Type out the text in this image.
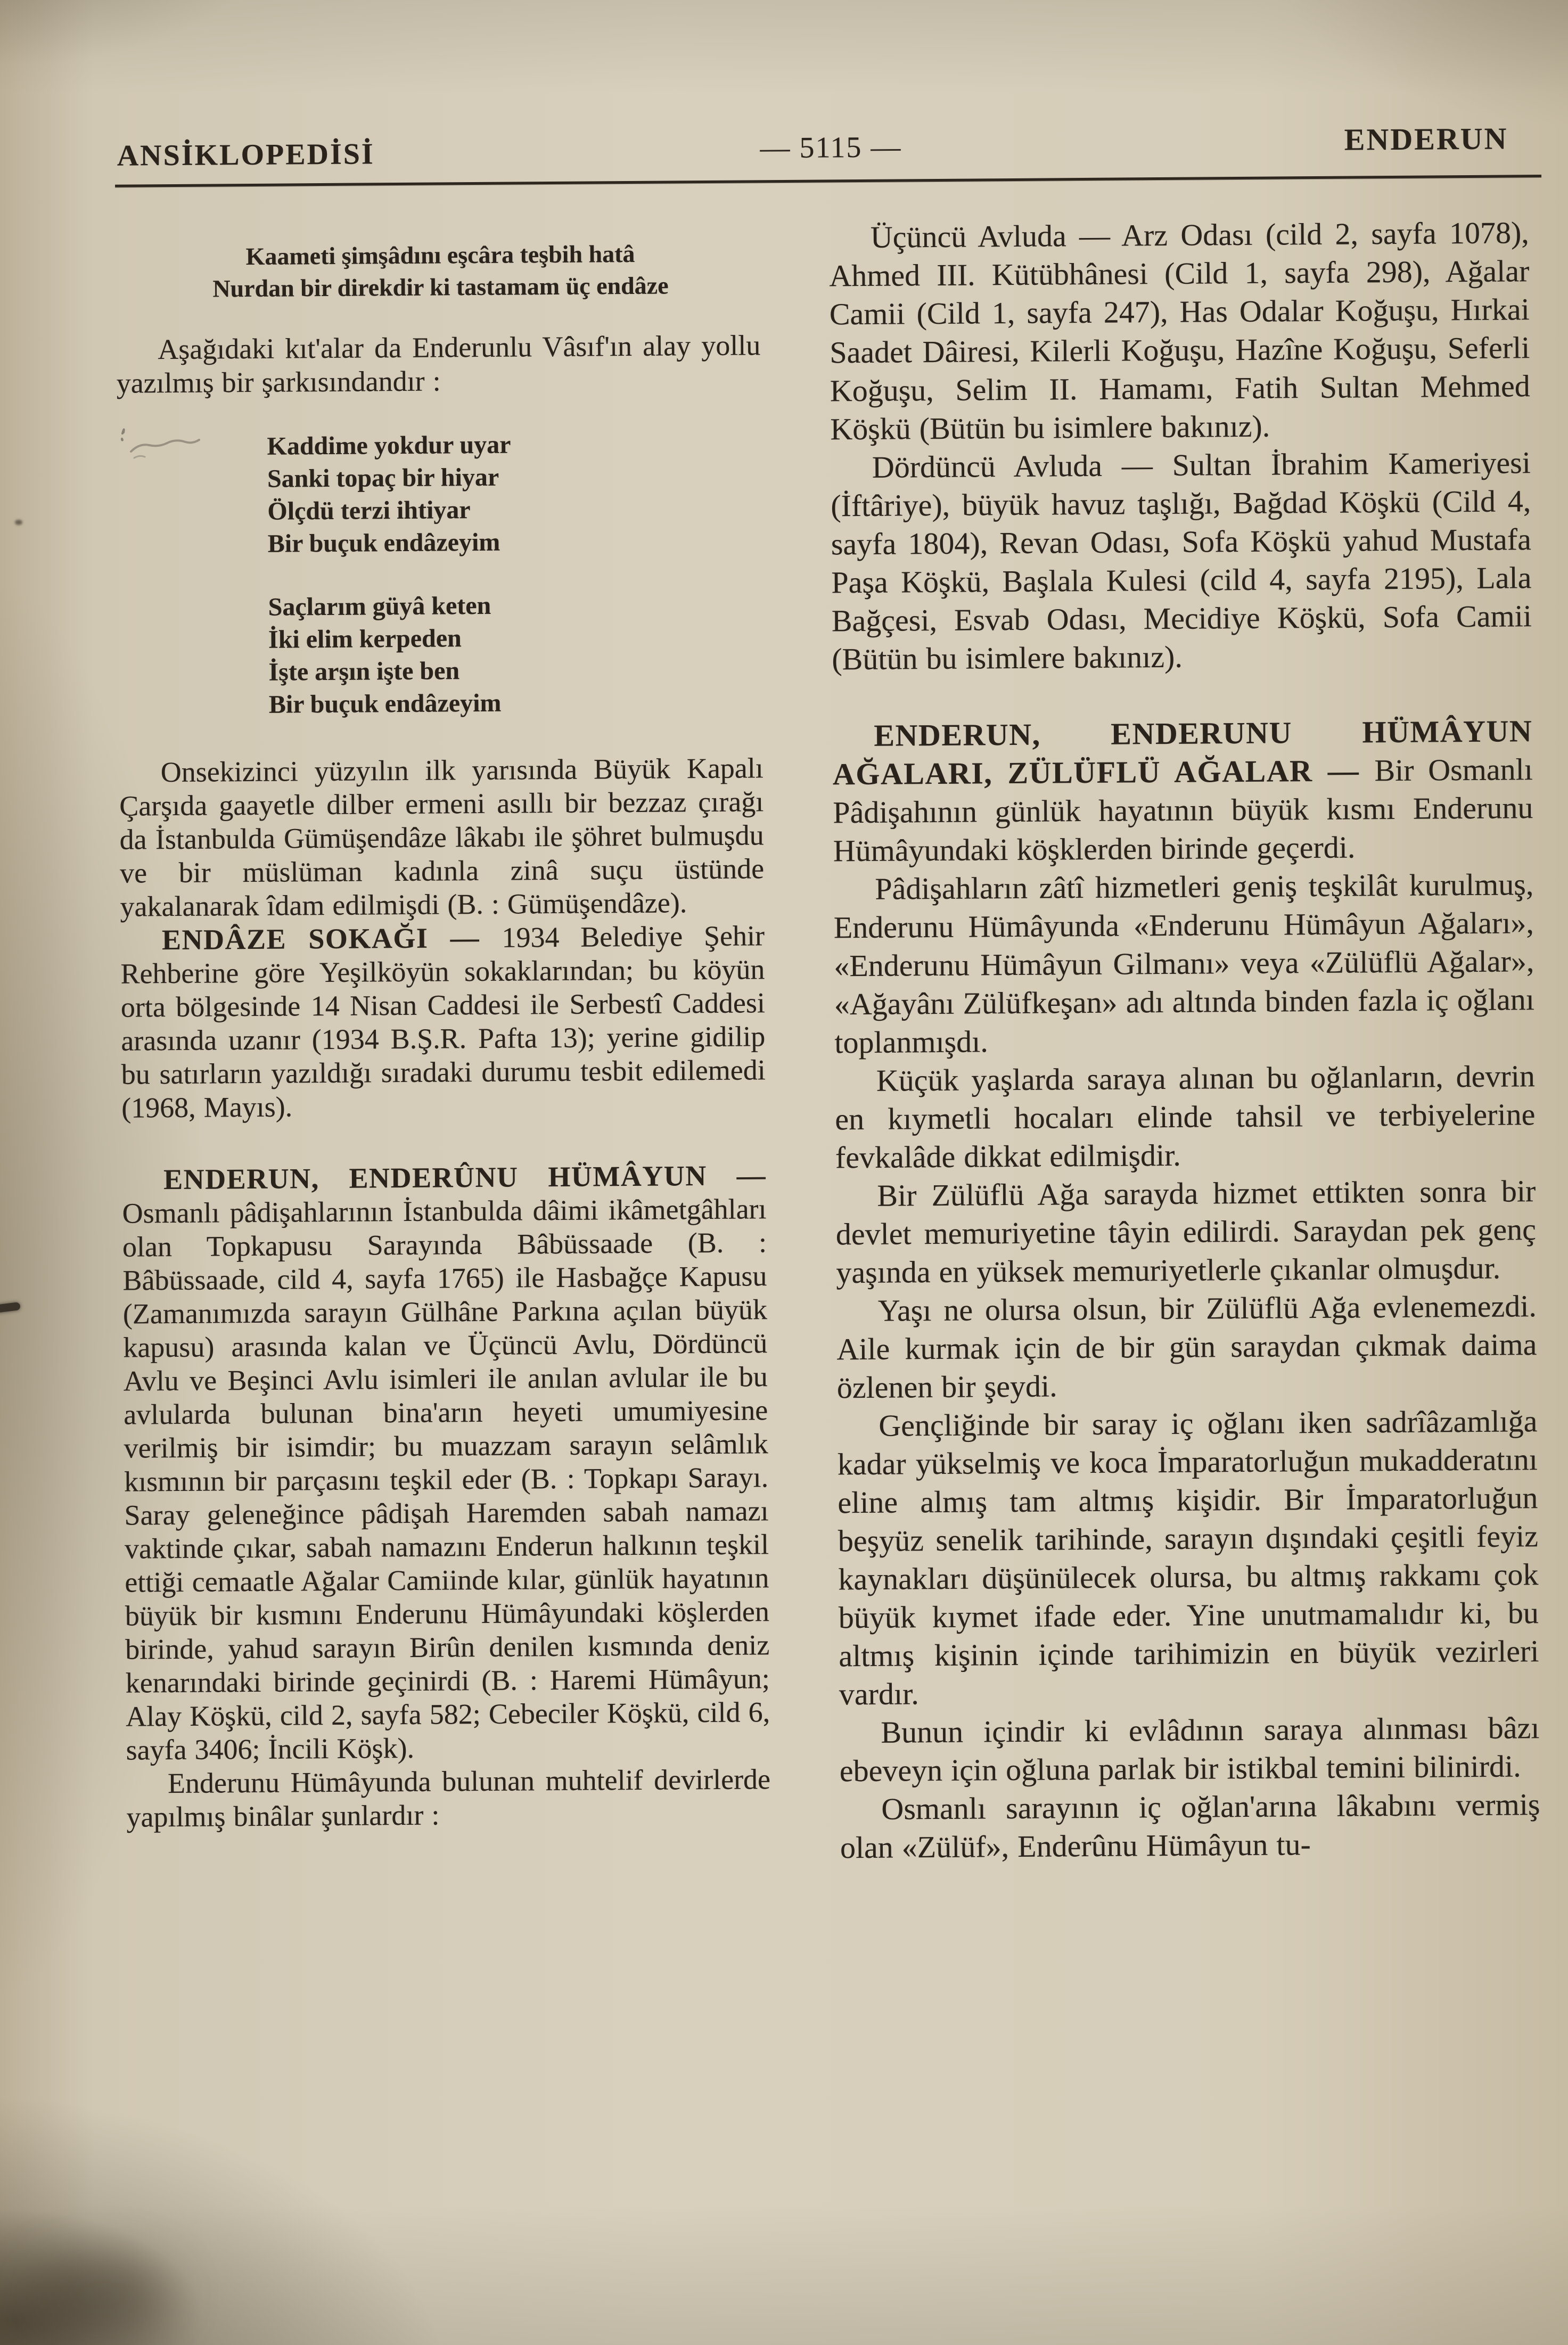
ANSİKLOPEDİSİ	— 5115 —	ENDERUN
Kaameti şimşâdını eşcâra teşbih hatâ
Nurdan bir direkdir ki tastamam üç endâze

Aşağıdaki kıt'alar da Enderunlu Vâsıf'ın alay yollu yazılmış bir şarkısındandır :

Kaddime yokdur uyar
Sanki topaç bir hiyar
Ölçdü terzi ihtiyar
Bir buçuk endâzeyim
Saçlarım güyâ keten
İki elim kerpeden
İşte arşın işte ben
Bir buçuk endâzeyim

Onsekizinci yüzyılın ilk yarısında Büyük Kapalı Çarşıda gaayetle dilber ermeni asıllı bir bezzaz çırağı da İstanbulda Gümüşendâze lâkabı ile şöhret bulmuşdu ve bir müslüman kadınla zinâ suçu üstünde yakalanarak îdam edilmişdi (B. : Gümüşendâze).

ENDÂZE SOKAĞI — 1934 Belediye Şehir Rehberine göre Yeşilköyün sokaklarından; bu köyün orta bölgesinde 14 Nisan Caddesi ile Serbestî Caddesi arasında uzanır (1934 B.Ş.R. Pafta 13); yerine gidilip bu satırların yazıldığı sıradaki durumu tesbit edilemedi (1968, Mayıs).

ENDERUN, ENDERÛNU HÜMÂYUN — Osmanlı pâdişahlarının İstanbulda dâimi ikâmetgâhları olan Topkapusu Sarayında Bâbüssaade (B. : Bâbüssaade, cild 4, sayfa 1765) ile Hasbağçe Kapusu (Zamanımızda sarayın Gülhâne Parkına açılan büyük kapusu) arasında kalan ve Üçüncü Avlu, Dördüncü Avlu ve Beşinci Avlu isimleri ile anılan avlular ile bu avlularda bulunan bina'arın heyeti umumiyesine verilmiş bir isimdir; bu muazzam sarayın selâmlık kısmının bir parçasını teşkil eder (B. : Topkapı Sarayı. Saray geleneğince pâdişah Haremden sabah namazı vaktinde çıkar, sabah namazını Enderun halkının teşkil ettiği cemaatle Ağalar Camiinde kılar, günlük hayatının büyük bir kısmını Enderunu Hümâyundaki köşlerden birinde, yahud sarayın Birûn denilen kısmında deniz kenarındaki birinde geçinirdi (B. : Haremi Hümâyun; Alay Köşkü, cild 2, sayfa 582; Cebeciler Köşkü, cild 6, sayfa 3406; İncili Köşk).

Enderunu Hümâyunda bulunan muhtelif devirlerde yapılmış binâlar şunlardır :

Üçüncü Avluda — Arz Odası (cild 2, sayfa 1078), Ahmed III. Kütübhânesi (Cild 1, sayfa 298), Ağalar Camii (Cild 1, sayfa 247), Has Odalar Koğuşu, Hırkai Saadet Dâiresi, Kilerli Koğuşu, Hazîne Koğuşu, Seferli Koğuşu, Selim II. Hamamı, Fatih Sultan Mehmed Köşkü (Bütün bu isimlere bakınız).

Dördüncü Avluda — Sultan İbrahim Kameriyesi (İftâriye), büyük havuz taşlığı, Bağdad Köşkü (Cild 4, sayfa 1804), Revan Odası, Sofa Köşkü yahud Mustafa Paşa Köşkü, Başlala Kulesi (cild 4, sayfa 2195), Lala Bağçesi, Esvab Odası, Mecidiye Köşkü, Sofa Camii (Bütün bu isimlere bakınız).

ENDERUN, ENDERUNU HÜMÂYUN AĞALARI, ZÜLÜFLÜ AĞALAR — Bir Osmanlı Pâdişahının günlük hayatının büyük kısmı Enderunu Hümâyundaki köşklerden birinde geçerdi.

Pâdişahların zâtî hizmetleri geniş teşkilât kurulmuş, Enderunu Hümâyunda «Enderunu Hümâyun Ağaları», «Enderunu Hümâyun Gilmanı» veya «Zülüflü Ağalar», «Ağayânı Zülüfkeşan» adı altında binden fazla iç oğlanı toplanmışdı.

Küçük yaşlarda saraya alınan bu oğlanların, devrin en kıymetli hocaları elinde tahsil ve terbiyelerine fevkalâde dikkat edilmişdir.

Bir Zülüflü Ağa sarayda hizmet ettikten sonra bir devlet memuriyetine tâyin edilirdi. Saraydan pek genç yaşında en yüksek memuriyetlerle çıkanlar olmuşdur.

Yaşı ne olursa olsun, bir Zülüflü Ağa evlenemezdi. Aile kurmak için de bir gün saraydan çıkmak daima özlenen bir şeydi.

Gençliğinde bir saray iç oğlanı iken sadrîâzamlığa kadar yükselmiş ve koca İmparatorluğun mukadderatını eline almış tam altmış kişidir. Bir İmparatorluğun beşyüz senelik tarihinde, sarayın dışındaki çeşitli feyiz kaynakları düşünülecek olursa, bu altmış rakkamı çok büyük kıymet ifade eder. Yine unutmamalıdır ki, bu altmış kişinin içinde tarihimizin en büyük vezirleri vardır.

Bunun içindir ki evlâdının saraya alınması bâzı ebeveyn için oğluna parlak bir istikbal temini bilinirdi.

Osmanlı sarayının iç oğlan'arına lâkabını vermiş olan «Zülüf», Enderûnu Hümâyun tu-
